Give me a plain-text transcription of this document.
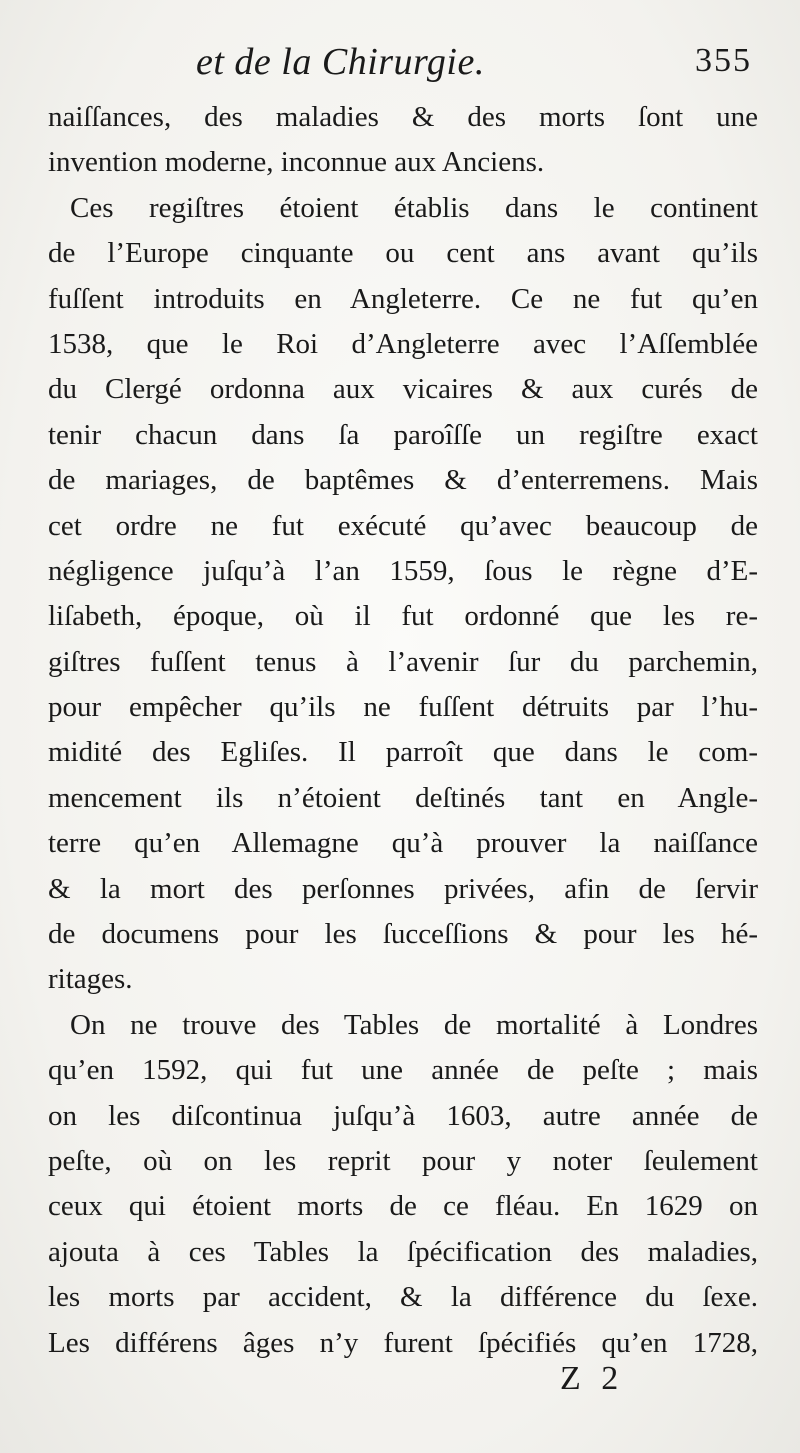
et de la Chirurgie.	355
naiſſances, des maladies & des morts ſont une
invention moderne, inconnue aux Anciens.
Ces regiſtres étoient établis dans le continent
de l’Europe cinquante ou cent ans avant qu’ils
fuſſent introduits en Angleterre. Ce ne fut qu’en
1538, que le Roi d’Angleterre avec l’Aſſemblée
du Clergé ordonna aux vicaires & aux curés de
tenir chacun dans ſa paroîſſe un regiſtre exact
de mariages, de baptêmes & d’enterremens. Mais
cet ordre ne fut exécuté qu’avec beaucoup de
négligence juſqu’à l’an 1559, ſous le règne d’E-
liſabeth, époque, où il fut ordonné que les re-
giſtres fuſſent tenus à l’avenir ſur du parchemin,
pour empêcher qu’ils ne fuſſent détruits par l’hu-
midité des Egliſes. Il parroît que dans le com-
mencement ils n’étoient deſtinés tant en Angle-
terre qu’en Allemagne qu’à prouver la naiſſance
& la mort des perſonnes privées, afin de ſervir
de documens pour les ſucceſſions & pour les hé-
ritages.
On ne trouve des Tables de mortalité à Londres
qu’en 1592, qui fut une année de peſte ; mais
on les diſcontinua juſqu’à 1603, autre année de
peſte, où on les reprit pour y noter ſeulement
ceux qui étoient morts de ce fléau. En 1629 on
ajouta à ces Tables la ſpécification des maladies,
les morts par accident, & la différence du ſexe.
Les différens âges n’y furent ſpécifiés qu’en 1728,
Z 2
